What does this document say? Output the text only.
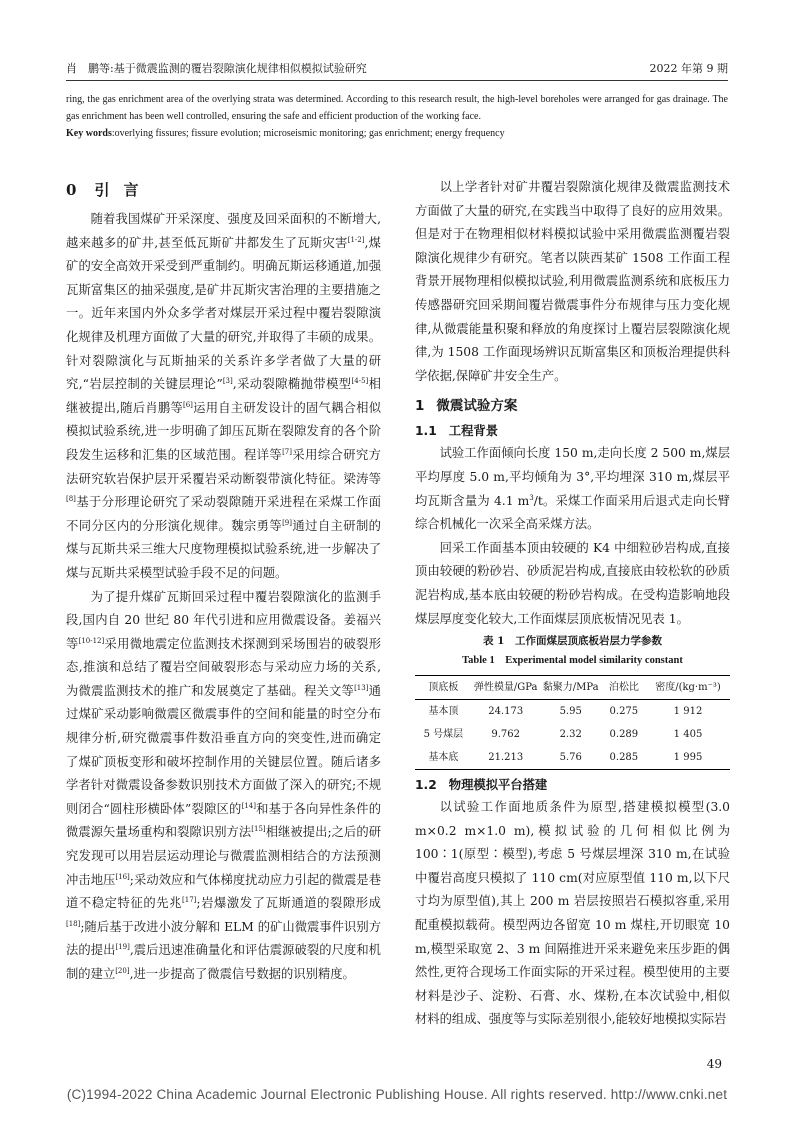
肖　鹏等:基于微震监测的覆岩裂隙演化规律相似模拟试验研究	2022 年第 9 期

ring, the gas enrichment area of the overlying strata was determined. According to this research result, the high-level boreholes were arranged for gas drainage. The gas enrichment has been well controlled, ensuring the safe and efficient production of the working face.

Key words:overlying fissures; fissure evolution; microseismic monitoring; gas enrichment; energy frequency

0 引言

随着我国煤矿开采深度、强度及回采面积的不断增大,越来越多的矿井,甚至低瓦斯矿井都发生了瓦斯灾害[1-2],煤矿的安全高效开采受到严重制约。明确瓦斯运移通道,加强瓦斯富集区的抽采强度,是矿井瓦斯灾害治理的主要措施之一。近年来国内外众多学者对煤层开采过程中覆岩裂隙演化规律及机理方面做了大量的研究,并取得了丰硕的成果。针对裂隙演化与瓦斯抽采的关系许多学者做了大量的研究,“岩层控制的关键层理论”[3],采动裂隙椭抛带模型[4-5]相继被提出,随后肖鹏等[6]运用自主研发设计的固气耦合相似模拟试验系统,进一步明确了卸压瓦斯在裂隙发育的各个阶段发生运移和汇集的区域范围。程详等[7]采用综合研究方法研究软岩保护层开采覆岩采动断裂带演化特征。梁涛等[8]基于分形理论研究了采动裂隙随开采进程在采煤工作面不同分区内的分形演化规律。魏宗勇等[9]通过自主研制的煤与瓦斯共采三维大尺度物理模拟试验系统,进一步解决了煤与瓦斯共采模型试验手段不足的问题。

为了提升煤矿瓦斯回采过程中覆岩裂隙演化的监测手段,国内自 20 世纪 80 年代引进和应用微震设备。姜福兴等[10-12]采用微地震定位监测技术探测到采场围岩的破裂形态,推演和总结了覆岩空间破裂形态与采动应力场的关系,为微震监测技术的推广和发展奠定了基础。程关文等[13]通过煤矿采动影响微震区微震事件的空间和能量的时空分布规律分析,研究微震事件数沿垂直方向的突变性,进而确定了煤矿顶板变形和破坏控制作用的关键层位置。随后诸多学者针对微震设备参数识别技术方面做了深入的研究;不规则闭合“圆柱形横卧体”裂隙区的[14]和基于各向异性条件的微震源矢量场重构和裂隙识别方法[15]相继被提出;之后的研究发现可以用岩层运动理论与微震监测相结合的方法预测冲击地压[16];采动效应和气体梯度扰动应力引起的微震是巷道不稳定特征的先兆[17];岩爆激发了瓦斯通道的裂隙形成[18];随后基于改进小波分解和 ELM 的矿山微震事件识别方法的提出[19],震后迅速准确量化和评估震源破裂的尺度和机制的建立[20],进一步提高了微震信号数据的识别精度。

以上学者针对矿井覆岩裂隙演化规律及微震监测技术方面做了大量的研究,在实践当中取得了良好的应用效果。但是对于在物理相似材料模拟试验中采用微震监测覆岩裂隙演化规律少有研究。笔者以陕西某矿 1508 工作面工程背景开展物理相似模拟试验,利用微震监测系统和底板压力传感器研究回采期间覆岩微震事件分布规律与压力变化规律,从微震能量积聚和释放的角度探讨上覆岩层裂隙演化规律,为 1508 工作面现场辨识瓦斯富集区和顶板治理提供科学依据,保障矿井安全生产。

1 微震试验方案
1.1 工程背景

试验工作面倾向长度 150 m,走向长度 2 500 m,煤层平均厚度 5.0 m,平均倾角为 3°,平均埋深 310 m,煤层平均瓦斯含量为 4.1 $m^3/t$。采煤工作面采用后退式走向长臂综合机械化一次采全高采煤方法。

回采工作面基本顶由较硬的 K4 中细粒砂岩构成,直接顶由较硬的粉砂岩、砂质泥岩构成,直接底由较松软的砂质泥岩构成,基本底由较硬的粉砂岩构成。在受构造影响地段煤层厚度变化较大,工作面煤层顶底板情况见表 1。

表 1　工作面煤层顶底板岩层力学参数
Table 1　Experimental model similarity constant
顶底板	弹性模量/GPa	黏聚力/MPa	泊松比	密度/(kg·m⁻³)
基本顶	24.173	5.95	0.275	1 912
5 号煤层	9.762	2.32	0.289	1 405
基本底	21.213	5.76	0.285	1 995
1.2 物理模拟平台搭建

以试验工作面地质条件为原型,搭建模拟模型(3.0 m×0.2 m×1.0 m),模拟试验的几何相似比例为 100∶1(原型∶模型),考虑 5 号煤层埋深 310 m,在试验中覆岩高度只模拟了 110 cm(对应原型值 110 m,以下尺寸均为原型值),其上 200 m 岩层按照岩石模拟容重,采用配重模拟载荷。模型两边各留宽 10 m 煤柱,开切眼宽 10 m,模型采取宽 2、3 m 间隔推进开采来避免来压步距的偶然性,更符合现场工作面实际的开采过程。模型使用的主要材料是沙子、淀粉、石膏、水、煤粉,在本次试验中,相似材料的组成、强度等与实际差别很小,能较好地模拟实际岩

49
(C)1994-2022 China Academic Journal Electronic Publishing House. All rights reserved. http://www.cnki.net
